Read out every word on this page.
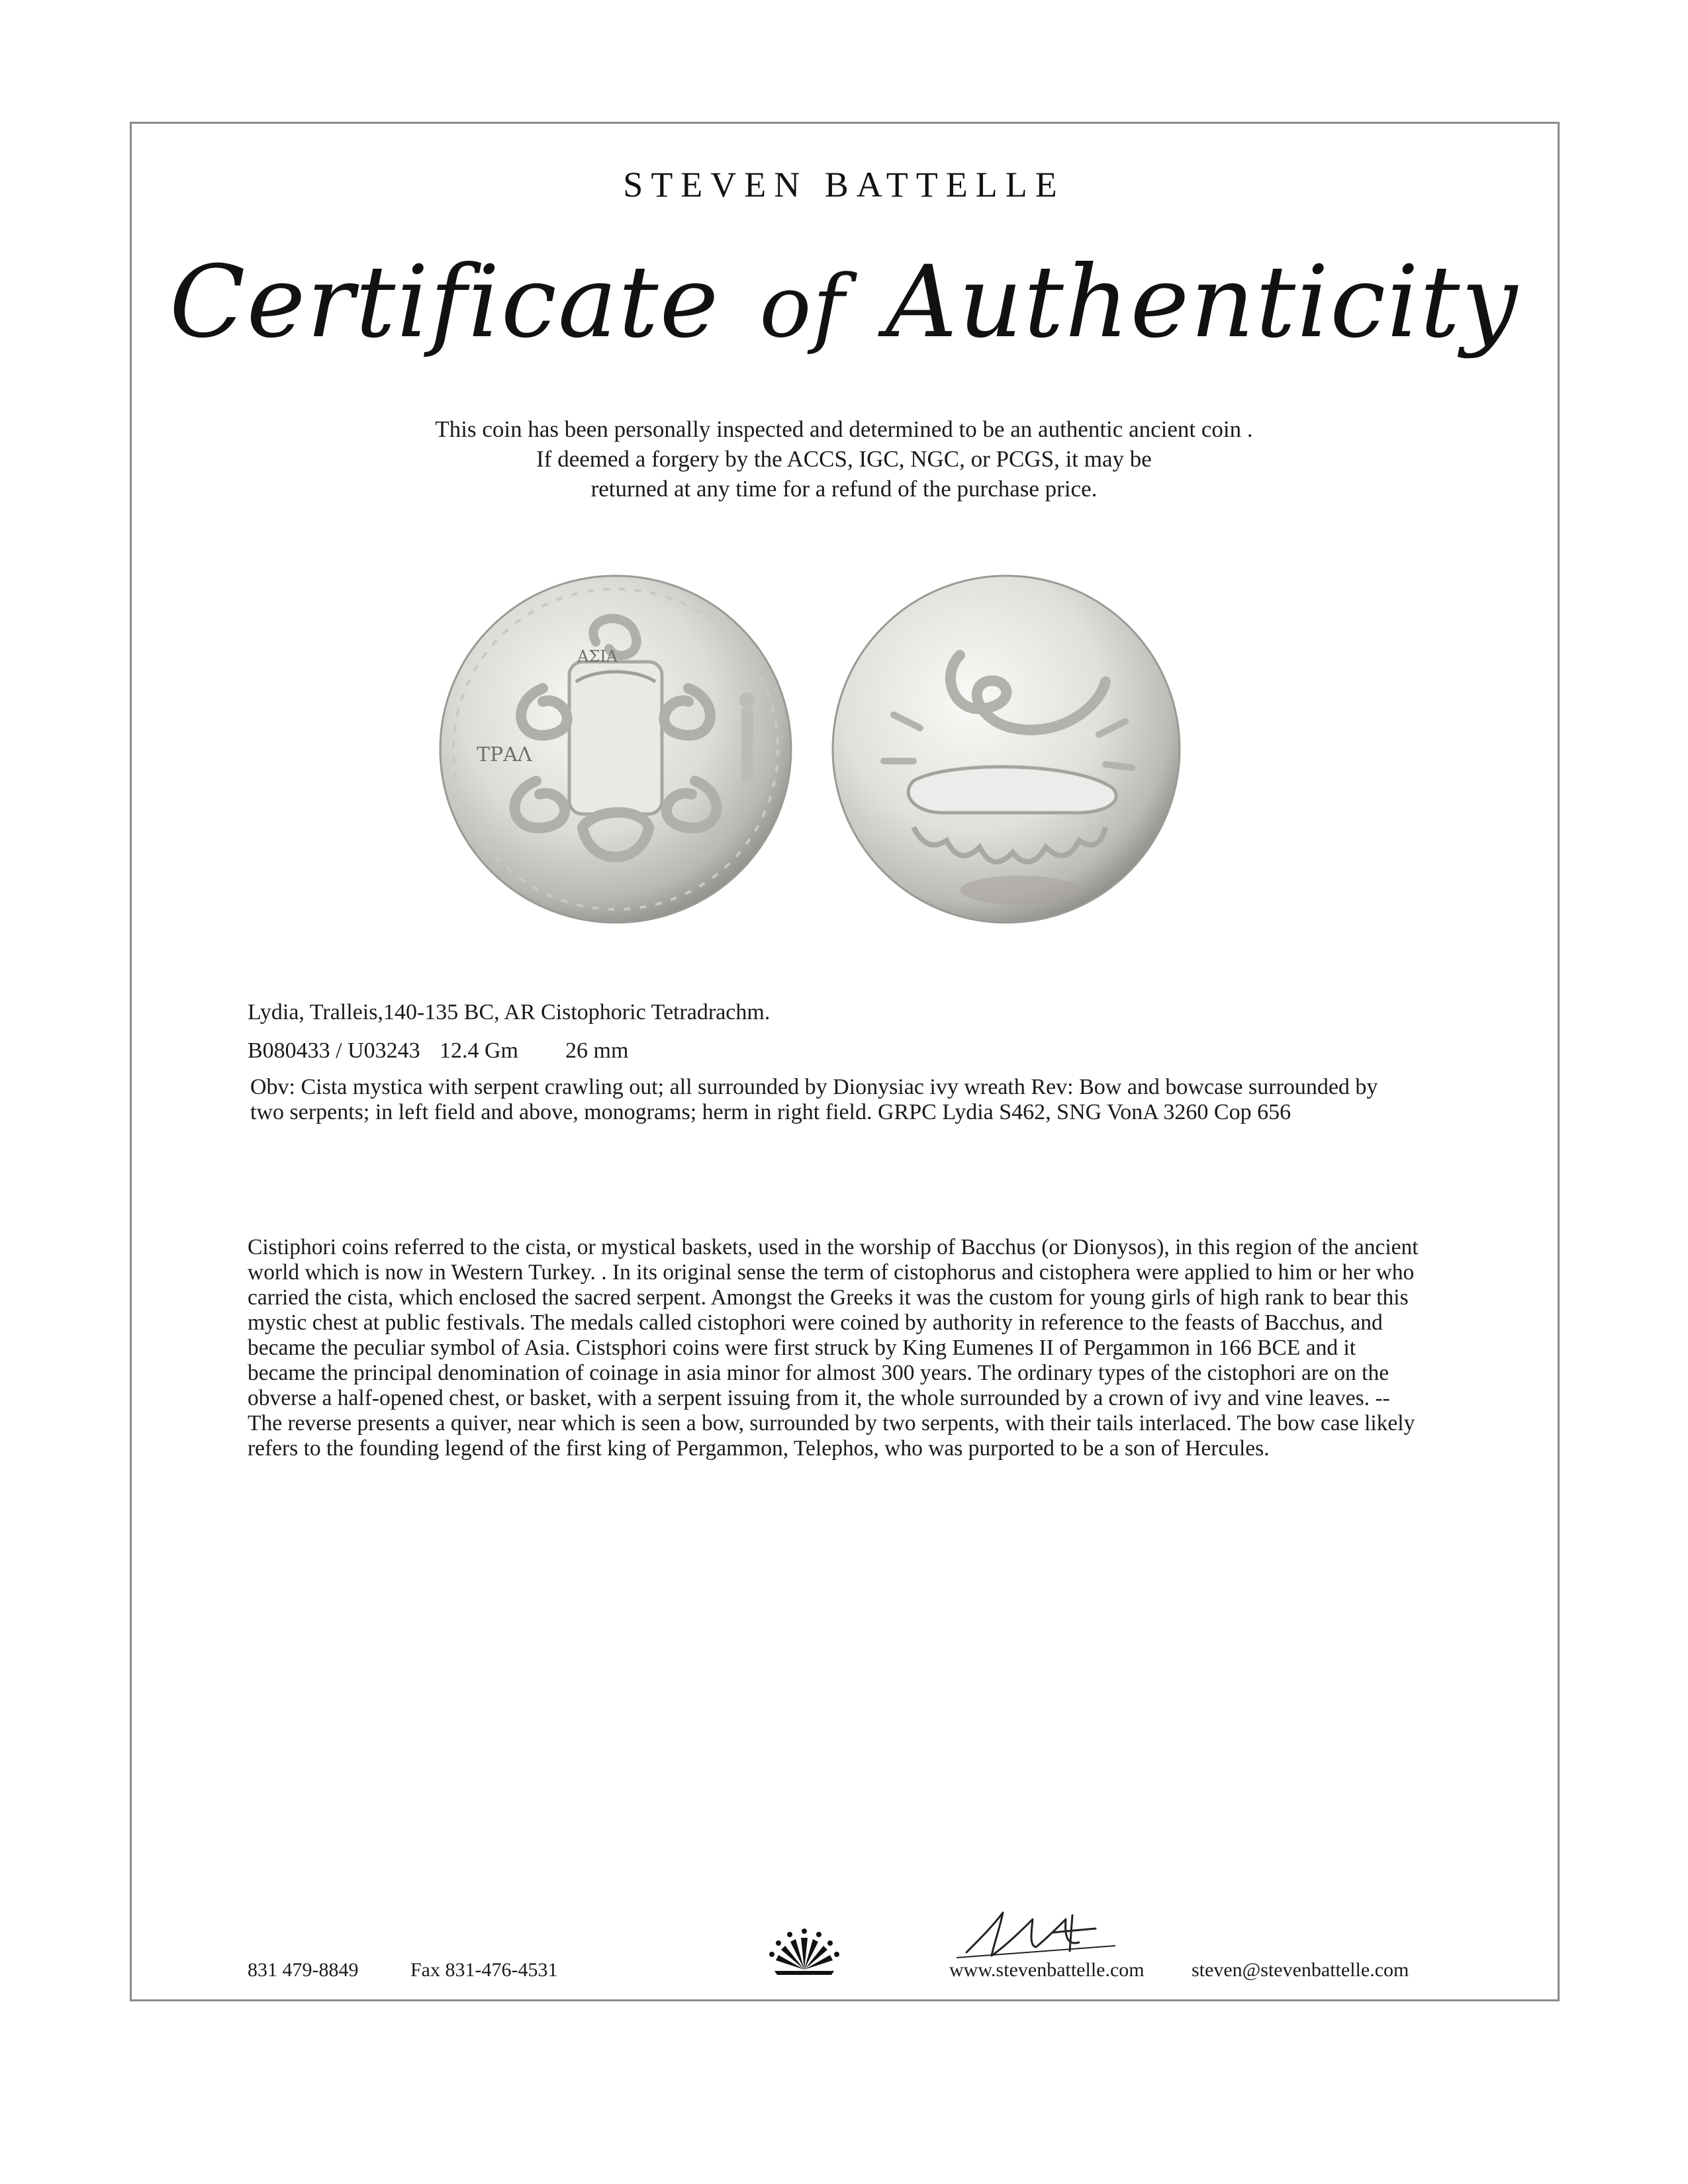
STEVEN BATTELLE
Certificate of Authenticity
This coin has been personally inspected and determined to be an authentic ancient coin .
If deemed a forgery by the ACCS, IGC, NGC, or PCGS, it may be
returned at any time for a refund of the purchase price.
ΑΣΙΑ
ΤΡΑΛ
Lydia, Tralleis,140-135 BC, AR Cistophoric Tetradrachm.
B080433 / U03243 12.4 Gm 26 mm
Obv: Cista mystica with serpent crawling out; all surrounded by Dionysiac ivy wreath Rev: Bow and bowcase surrounded by two serpents; in left field and above, monograms; herm in right field. GRPC Lydia S462, SNG VonA 3260 Cop 656
Cistiphori coins referred to the cista, or mystical baskets, used in the worship of Bacchus (or Dionysos), in this region of the ancient world which is now in Western Turkey. . In its original sense the term of cistophorus and cistophera were applied to him or her who carried the cista, which enclosed the sacred serpent. Amongst the Greeks it was the custom for young girls of high rank to bear this mystic chest at public festivals. The medals called cistophori were coined by authority in reference to the feasts of Bacchus, and became the peculiar symbol of Asia. Cistsphori coins were first struck by King Eumenes II of Pergammon in 166 BCE and it became the principal denomination of coinage in asia minor for almost 300 years. The ordinary types of the cistophori are on the obverse a half-opened chest, or basket, with a serpent issuing from it, the whole surrounded by a crown of ivy and vine leaves. -- The reverse presents a quiver, near which is seen a bow, surrounded by two serpents, with their tails interlaced. The bow case likely refers to the founding legend of the first king of Pergammon, Telephos, who was purported to be a son of Hercules.
831 479-8849	Fax 831-476-4531	www.stevenbattelle.com steven@stevenbattelle.com
